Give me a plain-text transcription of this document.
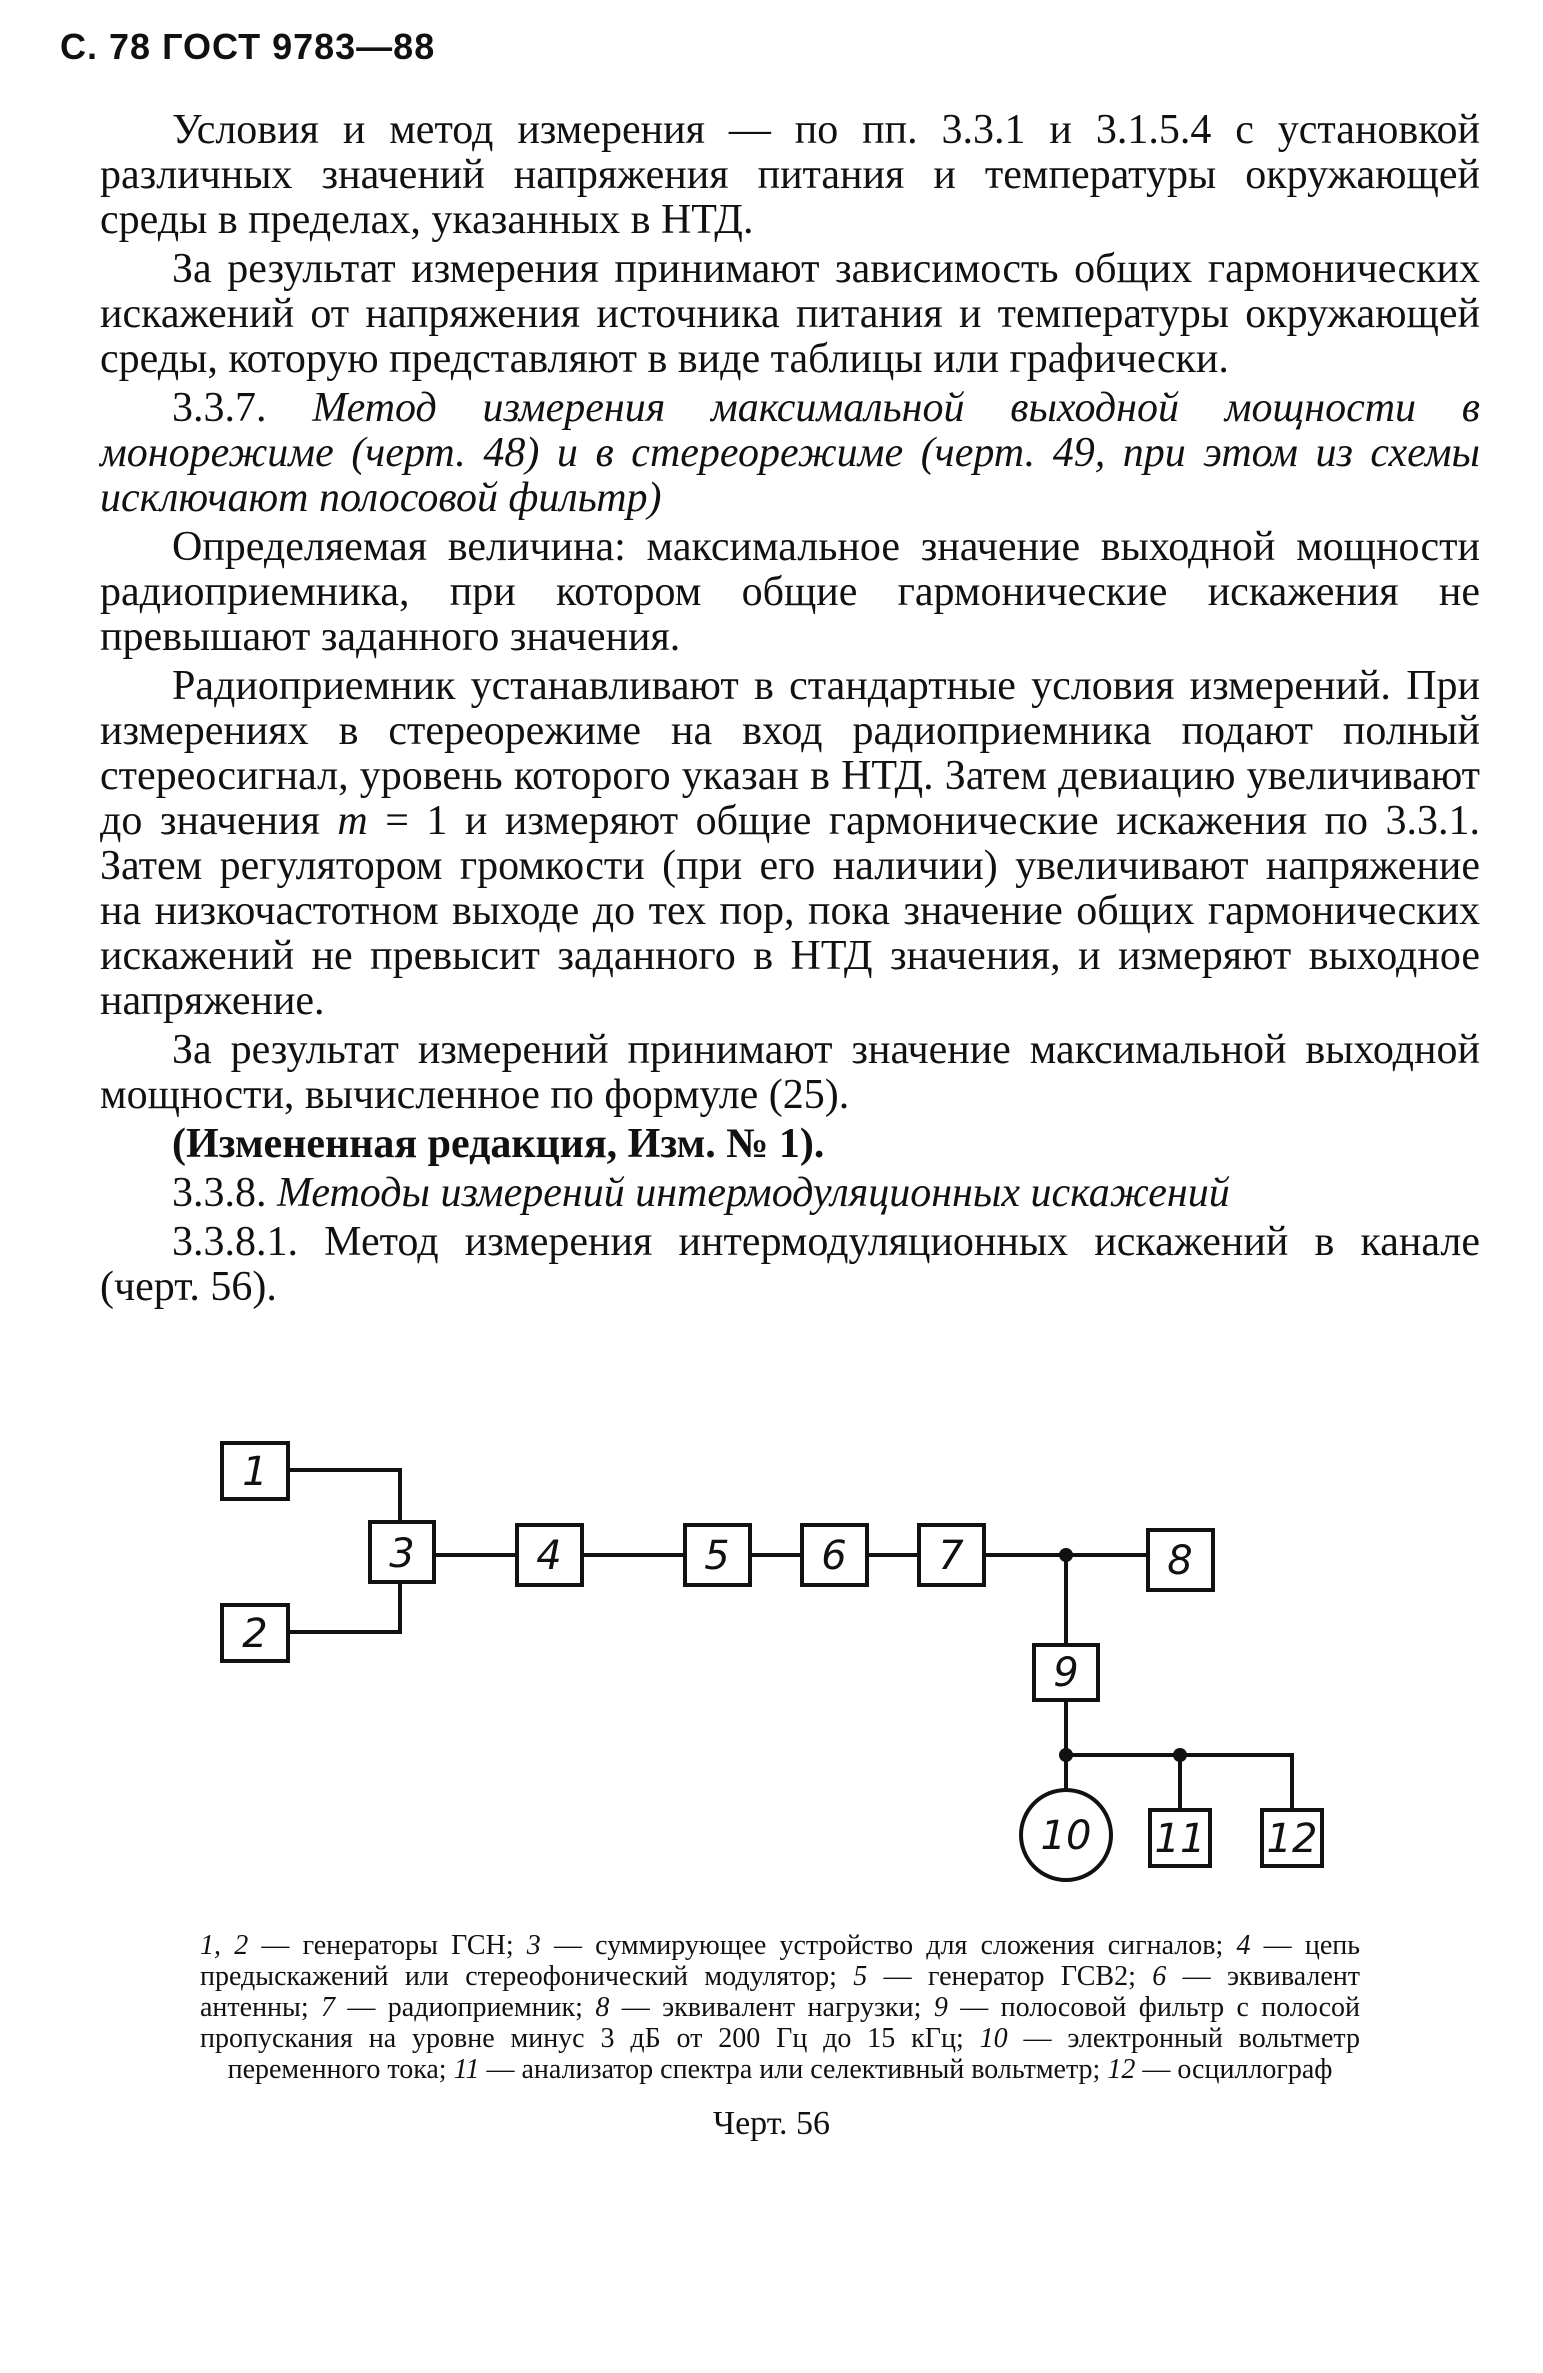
С. 78 ГОСТ 9783—88

Условия и метод измерения — по пп. 3.3.1 и 3.1.5.4 с установкой различных значений напряжения питания и температуры окружающей среды в пределах, указанных в НТД.

За результат измерения принимают зависимость общих гармонических искажений от напряжения источника питания и температуры окружающей среды, которую представляют в виде таблицы или графически.

3.3.7. Метод измерения максимальной выходной мощности в монорежиме (черт. 48) и в стереорежиме (черт. 49, при этом из схемы исключают полосовой фильтр)

Определяемая величина: максимальное значение выходной мощности радиоприемника, при котором общие гармонические искажения не превышают заданного значения.

Радиоприемник устанавливают в стандартные условия измерений. При измерениях в стереорежиме на вход радиоприемника подают полный стереосигнал, уровень которого указан в НТД. Затем девиацию увеличивают до значения m = 1 и измеряют общие гармонические искажения по 3.3.1. Затем регулятором громкости (при его наличии) увеличивают напряжение на низкочастотном выходе до тех пор, пока значение общих гармонических искажений не превысит заданного в НТД значения, и измеряют выходное напряжение.

За результат измерений принимают значение максимальной выходной мощности, вычисленное по формуле (25).

(Измененная редакция, Изм. № 1).

3.3.8. Методы измерений интермодуляционных искажений

3.3.8.1. Метод измерения интермодуляционных искажений в канале (черт. 56).

1
2
3	4	5 6 7	8
9
10 11 12
1, 2 — генераторы ГСН; 3 — суммирующее устройство для сложения сигналов; 4 — цепь предыскажений или стереофонический модулятор; 5 — генератор ГСВ2; 6 — эквивалент антенны; 7 — радиоприемник; 8 — эквивалент нагрузки; 9 — полосовой фильтр с полосой пропускания на уровне минус 3 дБ от 200 Гц до 15 кГц; 10 — электронный вольтметр переменного тока; 11 — анализатор спектра или селективный вольтметр; 12 — осциллограф
Черт. 56
